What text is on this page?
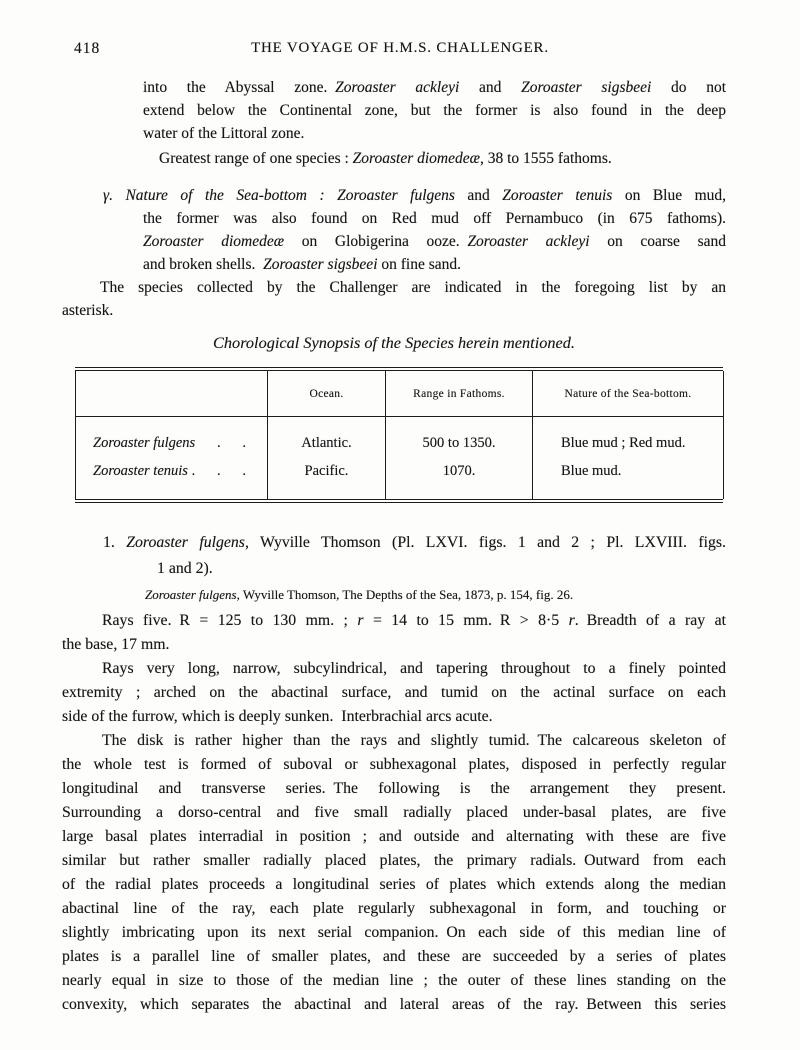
418	THE VOYAGE OF H.M.S. CHALLENGER.
into the Abyssal zone. Zoroaster ackleyi and Zoroaster sigsbeei do not
extend below the Continental zone, but the former is also found in the deep
water of the Littoral zone.
Greatest range of one species : Zoroaster diomedeæ, 38 to 1555 fathoms.
γ. Nature of the Sea-bottom : Zoroaster fulgens and Zoroaster tenuis on Blue mud,
the former was also found on Red mud off Pernambuco (in 675 fathoms).
Zoroaster diomedeæ on Globigerina ooze. Zoroaster ackleyi on coarse sand
and broken shells. Zoroaster sigsbeei on fine sand.
The species collected by the Challenger are indicated in the foregoing list by an
asterisk.
Chorological Synopsis of the Species herein mentioned.
	Ocean.	Range in Fathoms.	Nature of the Sea-bottom.
Zoroaster fulgens  .  .	Atlantic.	500 to 1350.	Blue mud ; Red mud.
Zoroaster tenuis .  .  .	Pacific.	1070.	Blue mud.
1. Zoroaster fulgens, Wyville Thomson (Pl. LXVI. figs. 1 and 2 ; Pl. LXVIII. figs.
1 and 2).
Zoroaster fulgens, Wyville Thomson, The Depths of the Sea, 1873, p. 154, fig. 26.
Rays five. R = 125 to 130 mm. ; r = 14 to 15 mm. R > 8·5 r. Breadth of a ray at
the base, 17 mm.
Rays very long, narrow, subcylindrical, and tapering throughout to a finely pointed
extremity ; arched on the abactinal surface, and tumid on the actinal surface on each
side of the furrow, which is deeply sunken. Interbrachial arcs acute.
The disk is rather higher than the rays and slightly tumid. The calcareous skeleton of
the whole test is formed of suboval or subhexagonal plates, disposed in perfectly regular
longitudinal and transverse series. The following is the arrangement they present.
Surrounding a dorso-central and five small radially placed under-basal plates, are five
large basal plates interradial in position ; and outside and alternating with these are five
similar but rather smaller radially placed plates, the primary radials. Outward from each
of the radial plates proceeds a longitudinal series of plates which extends along the median
abactinal line of the ray, each plate regularly subhexagonal in form, and touching or
slightly imbricating upon its next serial companion. On each side of this median line of
plates is a parallel line of smaller plates, and these are succeeded by a series of plates
nearly equal in size to those of the median line ; the outer of these lines standing on the
convexity, which separates the abactinal and lateral areas of the ray. Between this series
